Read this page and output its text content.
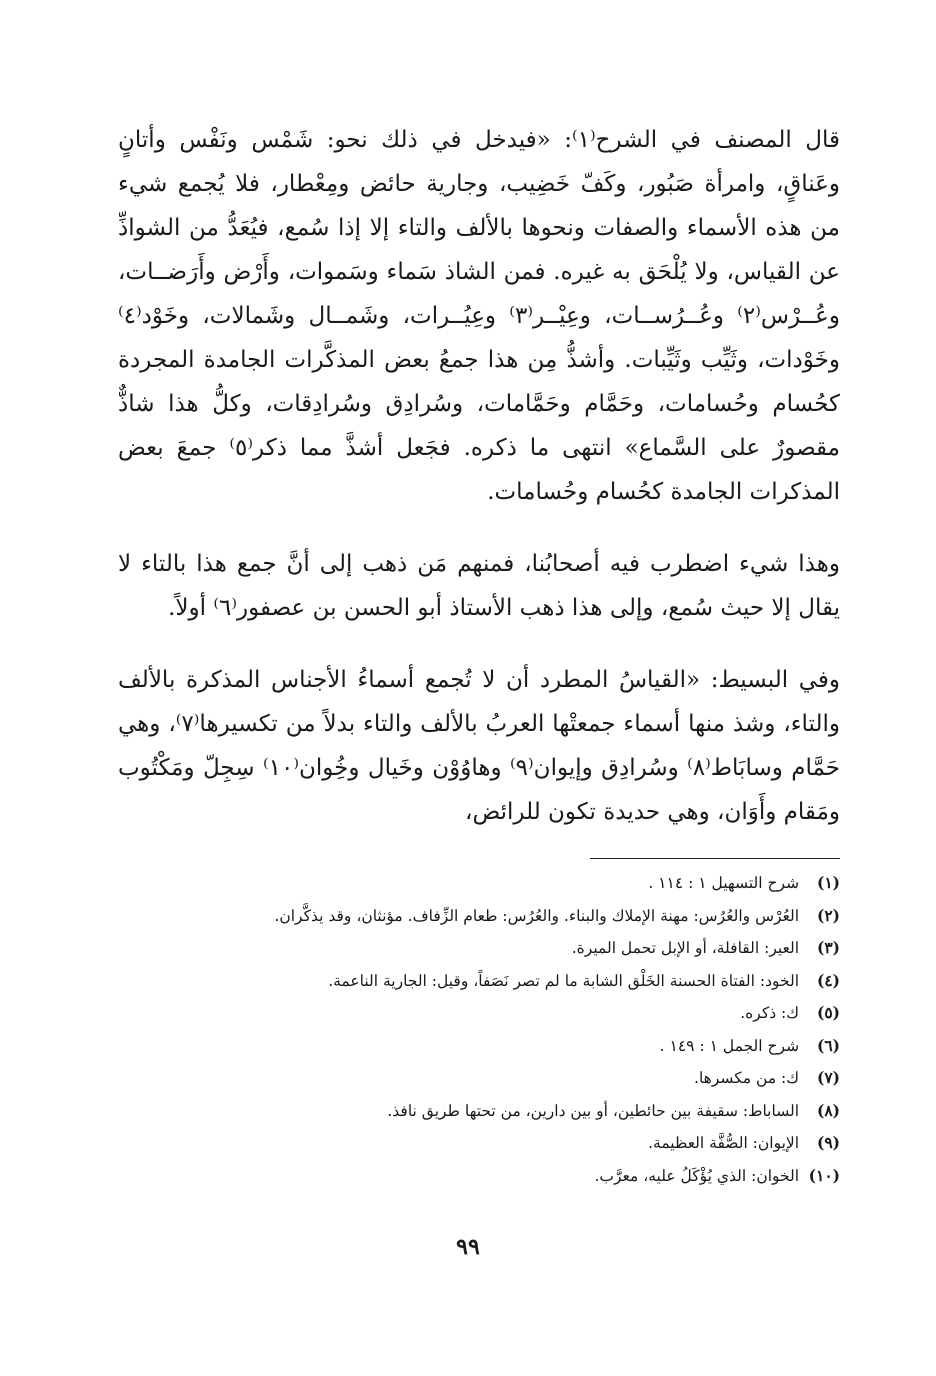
قال المصنف في الشرح⁽١⁾: «فيدخل في ذلك نحو: شَمْس ونَفْس وأتانٍ وعَناقٍ، وامرأة صَبُور، وكَفّ خَضِيب، وجارية حائض ومِعْطار، فلا يُجمع شيء من هذه الأسماء والصفات ونحوها بالألف والتاء إلا إذا سُمع، فيُعَدُّ من الشواذِّ عن القياس، ولا يُلْحَق به غيره. فمن الشاذ سَماء وسَموات، وأَرْض وأَرَضــات، وعُــرْس⁽٢⁾ وعُــرُســات، وعِيْــر⁽٣⁾ وعِيُــرات، وشَمــال وشَمالات، وخَوْد⁽٤⁾ وخَوْدات، وثَيِّب وثَيِّبات. وأشذُّ مِن هذا جمعُ بعض المذكَّرات الجامدة المجردة كحُسام وحُسامات، وحَمَّام وحَمَّامات، وسُرادِق وسُرادِقات، وكلُّ هذا شاذٌّ مقصورٌ على السَّماع» انتهى ما ذكره. فجَعل أشذَّ مما ذكر⁽٥⁾ جمعَ بعض المذكرات الجامدة كحُسام وحُسامات.

وهذا شيء اضطرب فيه أصحابُنا، فمنهم مَن ذهب إلى أنَّ جمع هذا بالتاء لا يقال إلا حيث سُمع، وإلى هذا ذهب الأستاذ أبو الحسن بن عصفور⁽٦⁾ أولاً.

وفي البسيط: «القياسُ المطرد أن لا تُجمع أسماءُ الأجناس المذكرة بالألف والتاء، وشذ منها أسماء جمعتْها العربُ بالألف والتاء بدلاً من تكسيرها⁽٧⁾، وهي حَمَّام وسابَاط⁽٨⁾ وسُرادِق وإيوان⁽٩⁾ وهاوُوْن وخَيال وخُِوان⁽١٠⁾ سِجِلّ ومَكْتُوب ومَقام وأَوَان، وهي حديدة تكون للرائض،

(١) شرح التسهيل ١ : ١١٤ .
(٢) العُرْس والعُرُس: مهنة الإملاك والبناء. والعُرُس: طعام الزِّفاف. مؤنثان، وقد يذكَّران.
(٣) العير: القافلة، أو الإبل تحمل الميرة.
(٤) الخود: الفتاة الحسنة الخَلْق الشابة ما لم تصر نَصَفاً، وقيل: الجارية الناعمة.
(٥) ك: ذكره.
(٦) شرح الجمل ١ : ١٤٩ .
(٧) ك: من مكسرها.
(٨) الساباط: سقيفة بين حائطين، أو بين دارين، من تحتها طريق نافذ.
(٩) الإيوان: الصُّفَّة العظيمة.
(١٠) الخوان: الذي يُؤْكَلُ عليه، معرَّب.
٩٩
